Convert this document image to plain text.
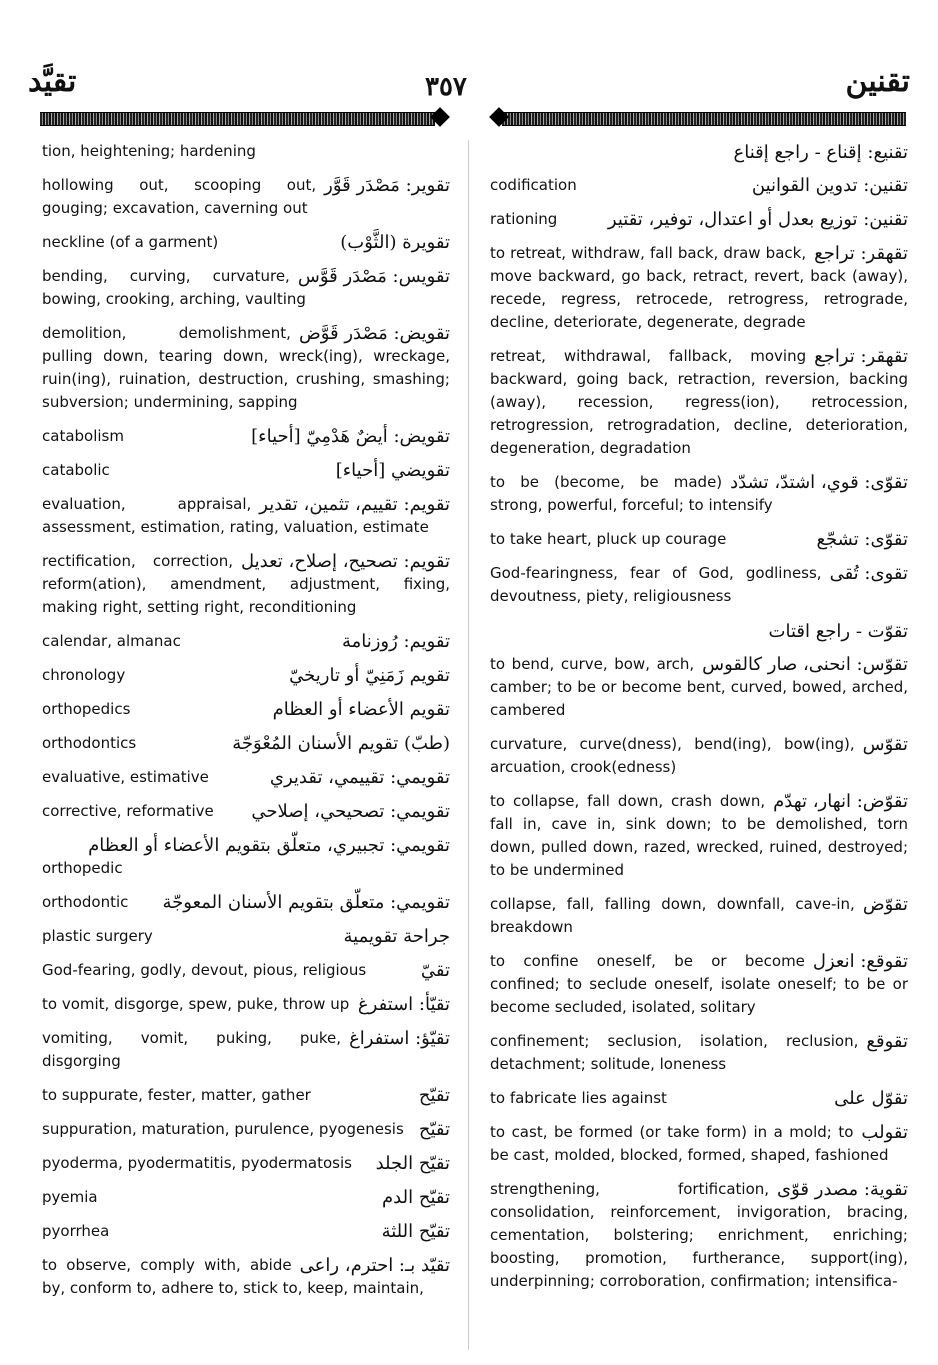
تقيَّد	٣٥٧	تقنين
tion, heightening; hardening
تقوير: مَصْدَر قَوَّر
hollowing out, scooping out, gouging; excavation, caverning out
تقويرة (الثَّوْب)
neckline (of a garment)
تقويس: مَصْدَر قَوَّس
bending, curving, curvature, bowing, crooking, arching, vaulting
تقويض: مَصْدَر قَوَّض
demolition, demolishment, pulling down, tearing down, wreck(ing), wreckage, ruin(ing), ruination, destruction, crushing, smashing; subversion; undermining, sapping
تقويض: أيضٌ هَدْمِيّ [أحياء]
catabolism
تقويضي [أحياء]
catabolic
تقويم: تقييم، تثمين، تقدير
evaluation, appraisal, assessment, estimation, rating, valuation, estimate
تقويم: تصحيح، إصلاح، تعديل
rectification, correction, reform(ation), amendment, adjustment, fixing, making right, setting right, reconditioning
تقويم: رُوزنامة
calendar, almanac
تقويم زَمَنِيّ أو تاريخيّ
chronology
تقويم الأعضاء أو العظام
orthopedics
(طبّ) تقويم الأسنان المُعْوَجّة
orthodontics
تقويمي: تقييمي، تقديري
evaluative, estimative
تقويمي: تصحيحي، إصلاحي
corrective, reformative
تقويمي: تجبيري، متعلّق بتقويم الأعضاء أو العظام
orthopedic
تقويمي: متعلّق بتقويم الأسنان المعوجّة
orthodontic
جراحة تقويمية
plastic surgery
تقيّ
God-fearing, godly, devout, pious, religious
تقيّأ: استفرغ
to vomit, disgorge, spew, puke, throw up
تقيّؤ: استفراغ
vomiting, vomit, puking, puke, disgorging
تقيّح
to suppurate, fester, matter, gather
تقيّح
suppuration, maturation, purulence, pyogenesis
تقيّح الجلد
pyoderma, pyodermatitis, pyodermatosis
تقيّح الدم
pyemia
تقيّح اللثة
pyorrhea
تقيّد بـ: احترم، راعى
to observe, comply with, abide by, conform to, adhere to, stick to, keep, maintain,
تقنيع: إقناع - راجع إقناع
تقنين: تدوين القوانين
codification
تقنين: توزيع بعدل أو اعتدال، توفير، تقتير
rationing
تقهقر: تراجع
to retreat, withdraw, fall back, draw back, move backward, go back, retract, revert, back (away), recede, regress, retrocede, retrogress, retrograde, decline, deteriorate, degenerate, degrade
تقهقر: تراجع
retreat, withdrawal, fallback, moving backward, going back, retraction, reversion, backing (away), recession, regress(ion), retrocession, retrogression, retrogradation, decline, deterioration, degeneration, degradation
تقوّى: قوي، اشتدّ، تشدّد
to be (become, be made) strong, powerful, forceful; to intensify
تقوّى: تشجّع
to take heart, pluck up courage
تقوى: تُقى
God-fearingness, fear of God, godliness, devoutness, piety, religiousness
تقوّت - راجع اقتات
تقوّس: انحنى، صار كالقوس
to bend, curve, bow, arch, camber; to be or become bent, curved, bowed, arched, cambered
تقوّس
curvature, curve(dness), bend(ing), bow(ing), arcuation, crook(edness)
تقوّض: انهار، تهدّم
to collapse, fall down, crash down, fall in, cave in, sink down; to be demolished, torn down, pulled down, razed, wrecked, ruined, destroyed; to be undermined
تقوّض
collapse, fall, falling down, downfall, cave-in, breakdown
تقوقع: انعزل
to confine oneself, be or become confined; to seclude oneself, isolate oneself; to be or become secluded, isolated, solitary
تقوقع
confinement; seclusion, isolation, reclusion, detachment; solitude, loneness
تقوّل على
to fabricate lies against
تقولب
to cast, be formed (or take form) in a mold; to be cast, molded, blocked, formed, shaped, fashioned
تقوية: مصدر قوّى
strengthening, fortification, consolidation, reinforcement, invigoration, bracing, cementation, bolstering; enrichment, enriching; boosting, promotion, furtherance, support(ing), underpinning; corroboration, confirmation; intensifica-
